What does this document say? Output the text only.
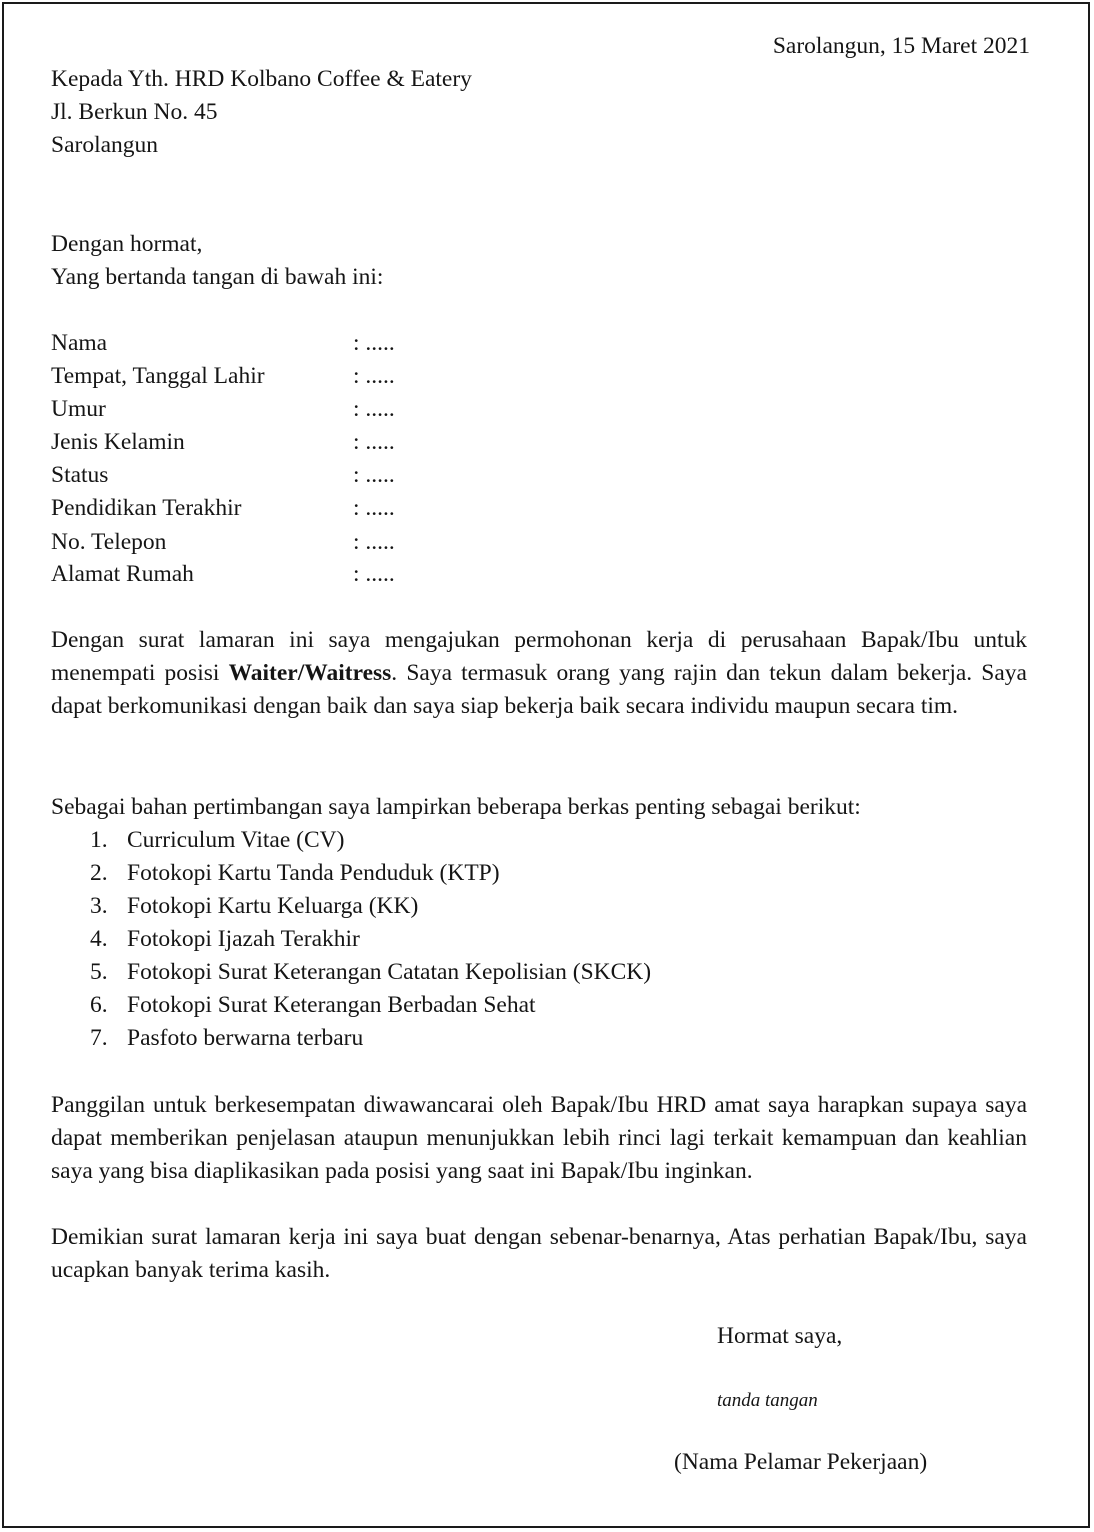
Sarolangun, 15 Maret 2021
Kepada Yth. HRD Kolbano Coffee & Eatery
Jl. Berkun No. 45
Sarolangun
Dengan hormat,
Yang bertanda tangan di bawah ini:
Nama	: .....
Tempat, Tanggal Lahir	: .....
Umur	: .....
Jenis Kelamin	: .....
Status	: .....
Pendidikan Terakhir	: .....
No. Telepon	: .....
Alamat Rumah	: .....
Dengan surat lamaran ini saya mengajukan permohonan kerja di perusahaan Bapak/Ibu untuk menempati posisi Waiter/Waitress. Saya termasuk orang yang rajin dan tekun dalam bekerja. Saya dapat berkomunikasi dengan baik dan saya siap bekerja baik secara individu maupun secara tim.
Sebagai bahan pertimbangan saya lampirkan beberapa berkas penting sebagai berikut:
1. Curriculum Vitae (CV)
2. Fotokopi Kartu Tanda Penduduk (KTP)
3. Fotokopi Kartu Keluarga (KK)
4. Fotokopi Ijazah Terakhir
5. Fotokopi Surat Keterangan Catatan Kepolisian (SKCK)
6. Fotokopi Surat Keterangan Berbadan Sehat
7. Pasfoto berwarna terbaru
Panggilan untuk berkesempatan diwawancarai oleh Bapak/Ibu HRD amat saya harapkan supaya saya dapat memberikan penjelasan ataupun menunjukkan lebih rinci lagi terkait kemampuan dan keahlian saya yang bisa diaplikasikan pada posisi yang saat ini Bapak/Ibu inginkan.
Demikian surat lamaran kerja ini saya buat dengan sebenar-benarnya, Atas perhatian Bapak/Ibu, saya ucapkan banyak terima kasih.
Hormat saya,
tanda tangan
(Nama Pelamar Pekerjaan)
